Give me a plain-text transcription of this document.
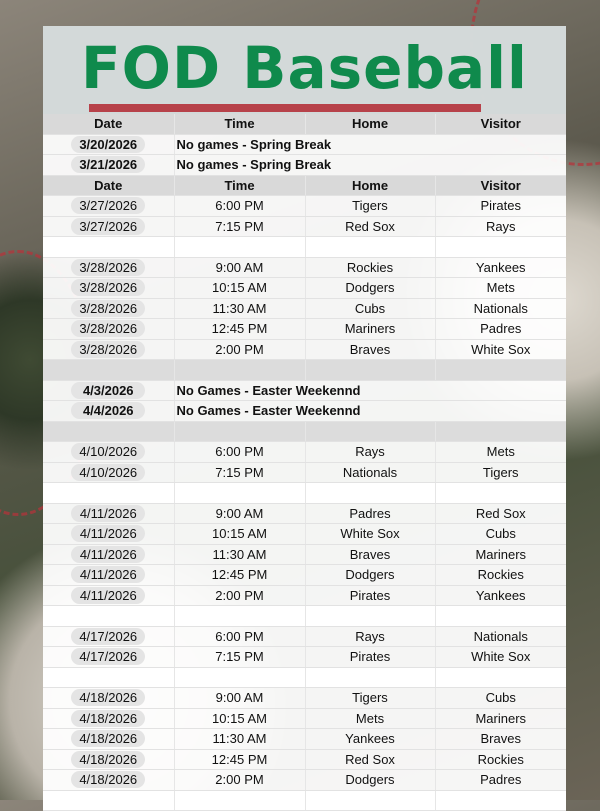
FOD Baseball
Date	Time	Home	Visitor
3/20/2026	No games - Spring Break		
3/21/2026	No games - Spring Break		
Date	Time	Home	Visitor
3/27/2026	6:00 PM	Tigers	Pirates
3/27/2026	7:15 PM	Red Sox	Rays

3/28/2026	9:00 AM	Rockies	Yankees
3/28/2026	10:15 AM	Dodgers	Mets
3/28/2026	11:30 AM	Cubs	Nationals
3/28/2026	12:45 PM	Mariners	Padres
3/28/2026	2:00 PM	Braves	White Sox

4/3/2026	No Games - Easter Weekennd		
4/4/2026	No Games - Easter Weekennd		

4/10/2026	6:00 PM	Rays	Mets
4/10/2026	7:15 PM	Nationals	Tigers

4/11/2026	9:00 AM	Padres	Red Sox
4/11/2026	10:15 AM	White Sox	Cubs
4/11/2026	11:30 AM	Braves	Mariners
4/11/2026	12:45 PM	Dodgers	Rockies
4/11/2026	2:00 PM	Pirates	Yankees

4/17/2026	6:00 PM	Rays	Nationals
4/17/2026	7:15 PM	Pirates	White Sox

4/18/2026	9:00 AM	Tigers	Cubs
4/18/2026	10:15 AM	Mets	Mariners
4/18/2026	11:30 AM	Yankees	Braves
4/18/2026	12:45 PM	Red Sox	Rockies
4/18/2026	2:00 PM	Dodgers	Padres
